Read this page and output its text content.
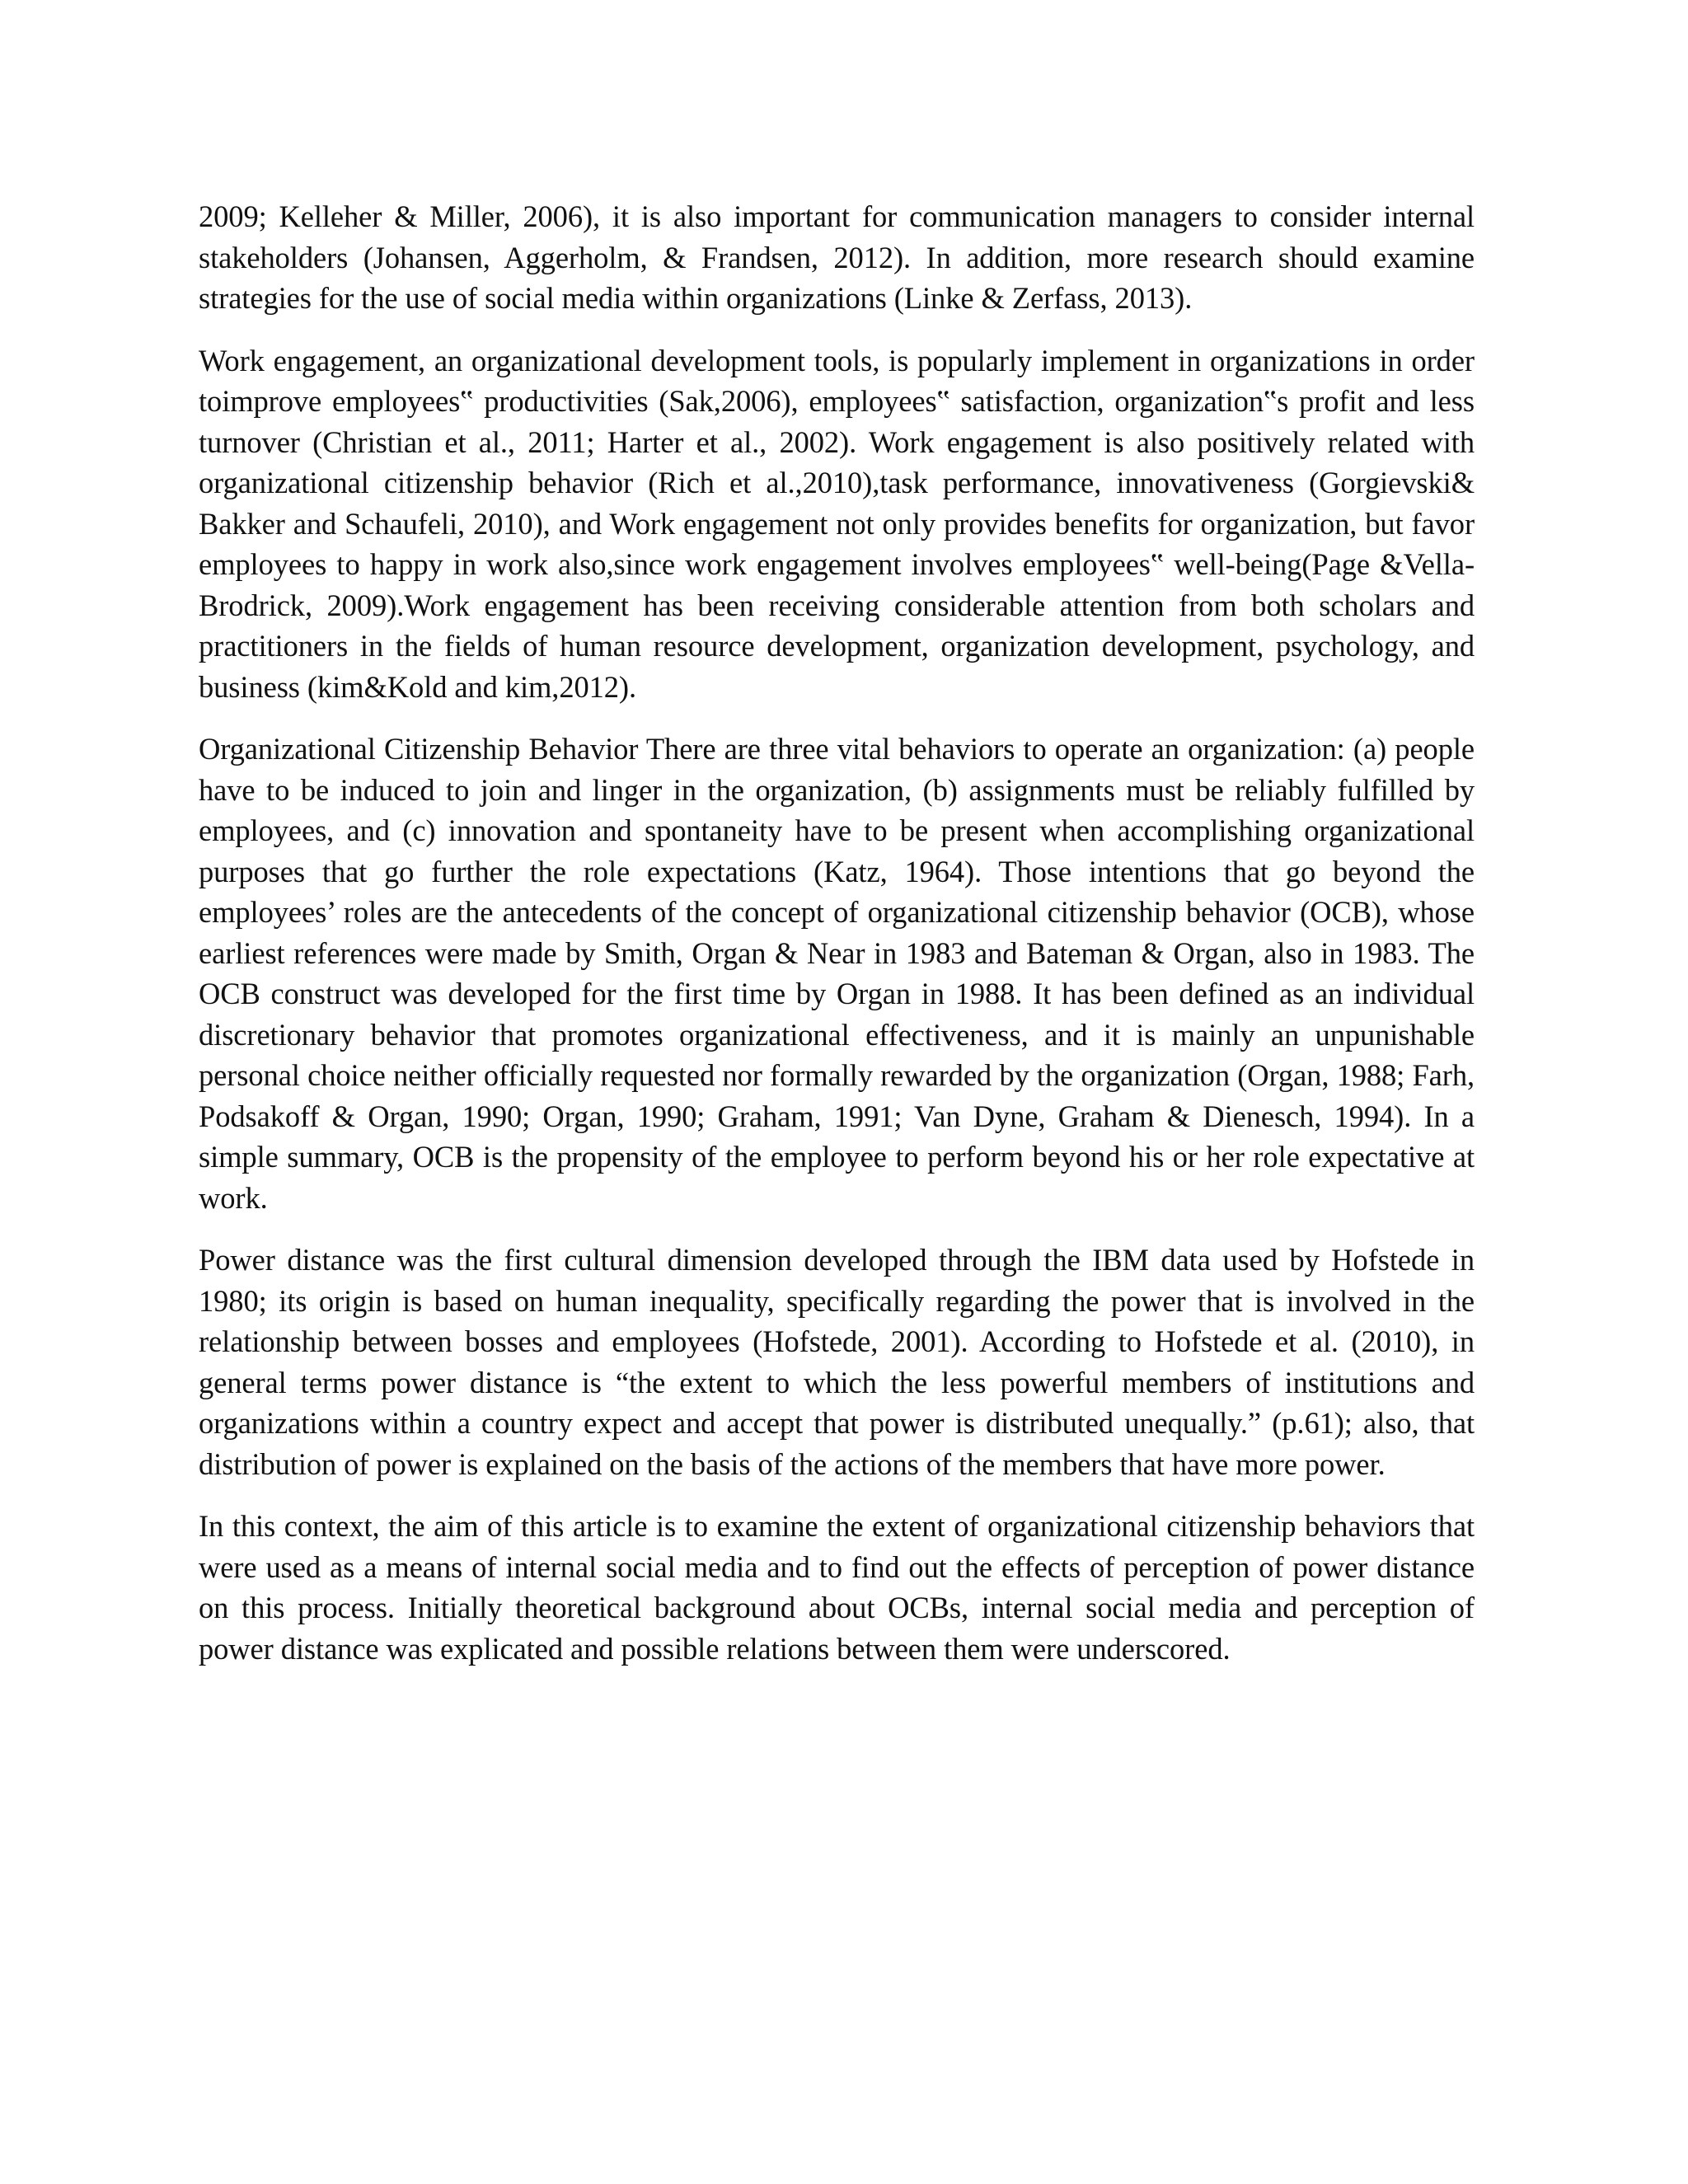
2009; Kelleher & Miller, 2006), it is also important for communication managers to consider internal stakeholders (Johansen, Aggerholm, & Frandsen, 2012). In addition, more research should examine strategies for the use of social media within organizations (Linke & Zerfass, 2013).

Work engagement, an organizational development tools, is popularly implement in organizations in order toimprove employees‟ productivities (Sak,2006), employees‟ satisfaction, organization‟s profit and less turnover (Christian et al., 2011; Harter et al., 2002). Work engagement is also positively related with organizational citizenship behavior (Rich et al.,2010),task performance, innovativeness (Gorgievski& Bakker and Schaufeli, 2010), and Work engagement not only provides benefits for organization, but favor employees to happy in work also,since work engagement involves employees‟ well-being(Page &Vella- Brodrick, 2009).Work engagement has been receiving considerable attention from both scholars and practitioners in the fields of human resource development, organization development, psychology, and business (kim&Kold and kim,2012).

Organizational Citizenship Behavior There are three vital behaviors to operate an organization: (a) people have to be induced to join and linger in the organization, (b) assignments must be reliably fulfilled by employees, and (c) innovation and spontaneity have to be present when accomplishing organizational purposes that go further the role expectations (Katz, 1964). Those intentions that go beyond the employees’ roles are the antecedents of the concept of organizational citizenship behavior (OCB), whose earliest references were made by Smith, Organ & Near in 1983 and Bateman & Organ, also in 1983. The OCB construct was developed for the first time by Organ in 1988. It has been defined as an individual discretionary behavior that promotes organizational effectiveness, and it is mainly an unpunishable personal choice neither officially requested nor formally rewarded by the organization (Organ, 1988; Farh, Podsakoff & Organ, 1990; Organ, 1990; Graham, 1991; Van Dyne, Graham & Dienesch, 1994). In a simple summary, OCB is the propensity of the employee to perform beyond his or her role expectative at work.

Power distance was the first cultural dimension developed through the IBM data used by Hofstede in 1980; its origin is based on human inequality, specifically regarding the power that is involved in the relationship between bosses and employees (Hofstede, 2001). According to Hofstede et al. (2010), in general terms power distance is “the extent to which the less powerful members of institutions and organizations within a country expect and accept that power is distributed unequally.” (p.61); also, that distribution of power is explained on the basis of the actions of the members that have more power.

In this context, the aim of this article is to examine the extent of organizational citizenship behaviors that were used as a means of internal social media and to find out the effects of perception of power distance on this process. Initially theoretical background about OCBs, internal social media and perception of power distance was explicated and possible relations between them were underscored.
